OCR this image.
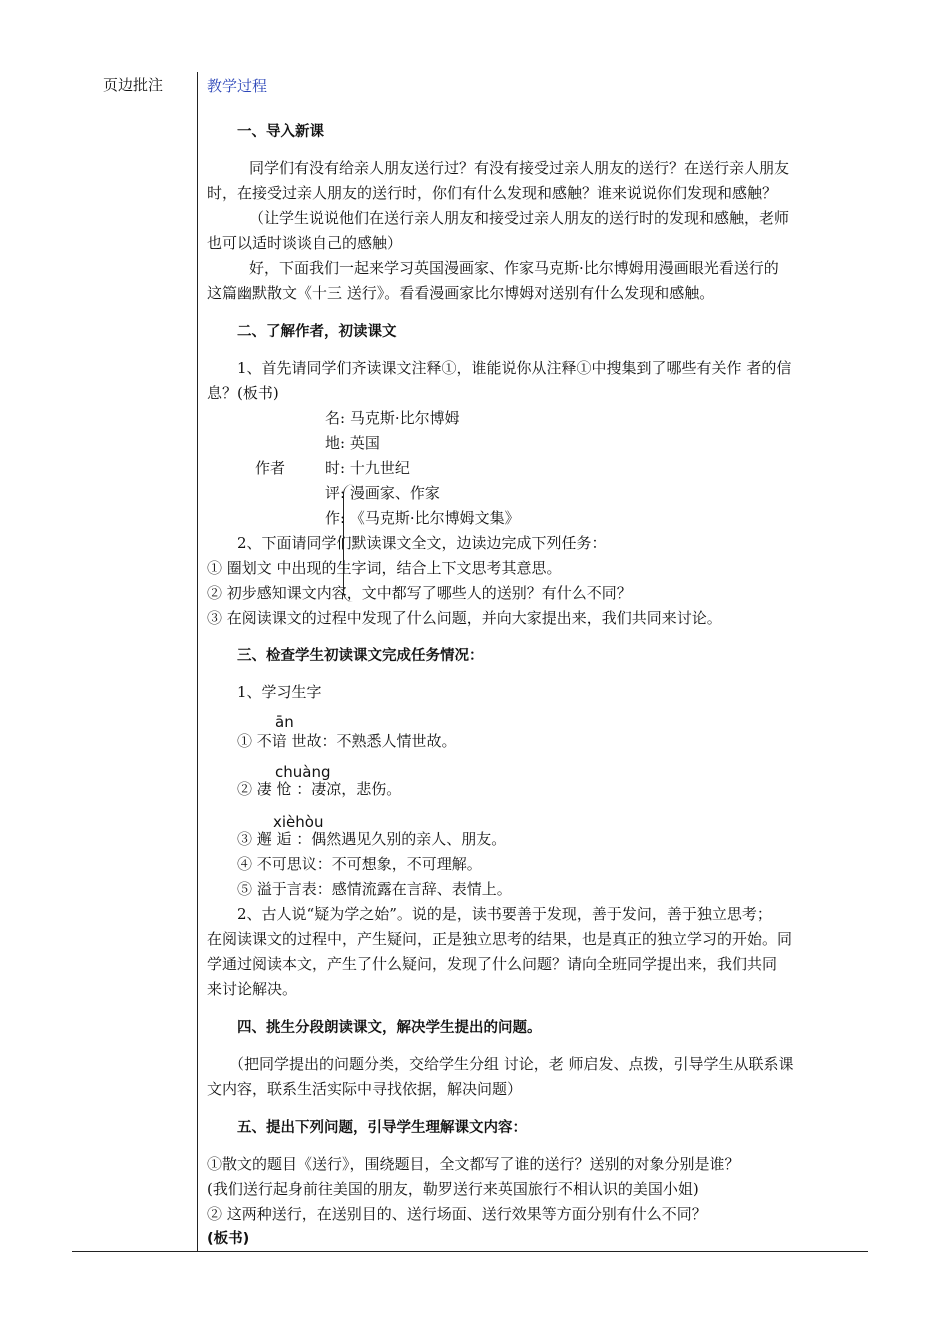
页边批注	教学过程
一、导入新课
同学们有没有给亲人朋友送行过？有没有接受过亲人朋友的送行？在送行亲人朋友
时，在接受过亲人朋友的送行时，你们有什么发现和感触？谁来说说你们发现和感触？
（让学生说说他们在送行亲人朋友和接受过亲人朋友的送行时的发现和感触，老师
也可以适时谈谈自己的感触）
好，下面我们一起来学习英国漫画家、作家马克斯·比尔博姆用漫画眼光看送行的
这篇幽默散文《十三 送行》。看看漫画家比尔博姆对送别有什么发现和感触。
二、了解作者，初读课文
1、首先请同学们齐读课文注释①，谁能说你从注释①中搜集到了哪些有关作 者的信
息？(板书)
作者
名: 马克斯·比尔博姆
地: 英国
时: 十九世纪
评: 漫画家、作家
作: 《马克斯·比尔博姆文集》
2、下面请同学们默读课文全文，边读边完成下列任务：
① 圈划文 中出现的生字词，结合上下文思考其意思。
② 初步感知课文内容，文中都写了哪些人的送别？有什么不同？
③ 在阅读课文的过程中发现了什么问题，并向大家提出来，我们共同来讨论。
三、检查学生初读课文完成任务情况：
1、学习生字
ān
① 不谙 世故：不熟悉人情世故。
chuàng
② 凄 怆 ：凄凉，悲伤。
xièhòu
③ 邂 逅 ：偶然遇见久别的亲人、朋友。
④ 不可思议：不可想象，不可理解。
⑤ 溢于言表：感情流露在言辞、表情上。
2、古人说“疑为学之始”。说的是，读书要善于发现，善于发问，善于独立思考；
在阅读课文的过程中，产生疑问，正是独立思考的结果，也是真正的独立学习的开始。同
学通过阅读本文，产生了什么疑问，发现了什么问题？请向全班同学提出来，我们共同
来讨论解决。
四、挑生分段朗读课文，解决学生提出的问题。
（把同学提出的问题分类，交给学生分组 讨论，老 师启发、点拨，引导学生从联系课
文内容，联系生活实际中寻找依据，解决问题）
五、提出下列问题，引导学生理解课文内容：
①散文的题目《送行》，围绕题目，全文都写了谁的送行？送别的对象分别是谁？
(我们送行起身前往美国的朋友，勒罗送行来英国旅行不相认识的美国小姐)
② 这两种送行，在送别目的、送行场面、送行效果等方面分别有什么不同？
(板书)
